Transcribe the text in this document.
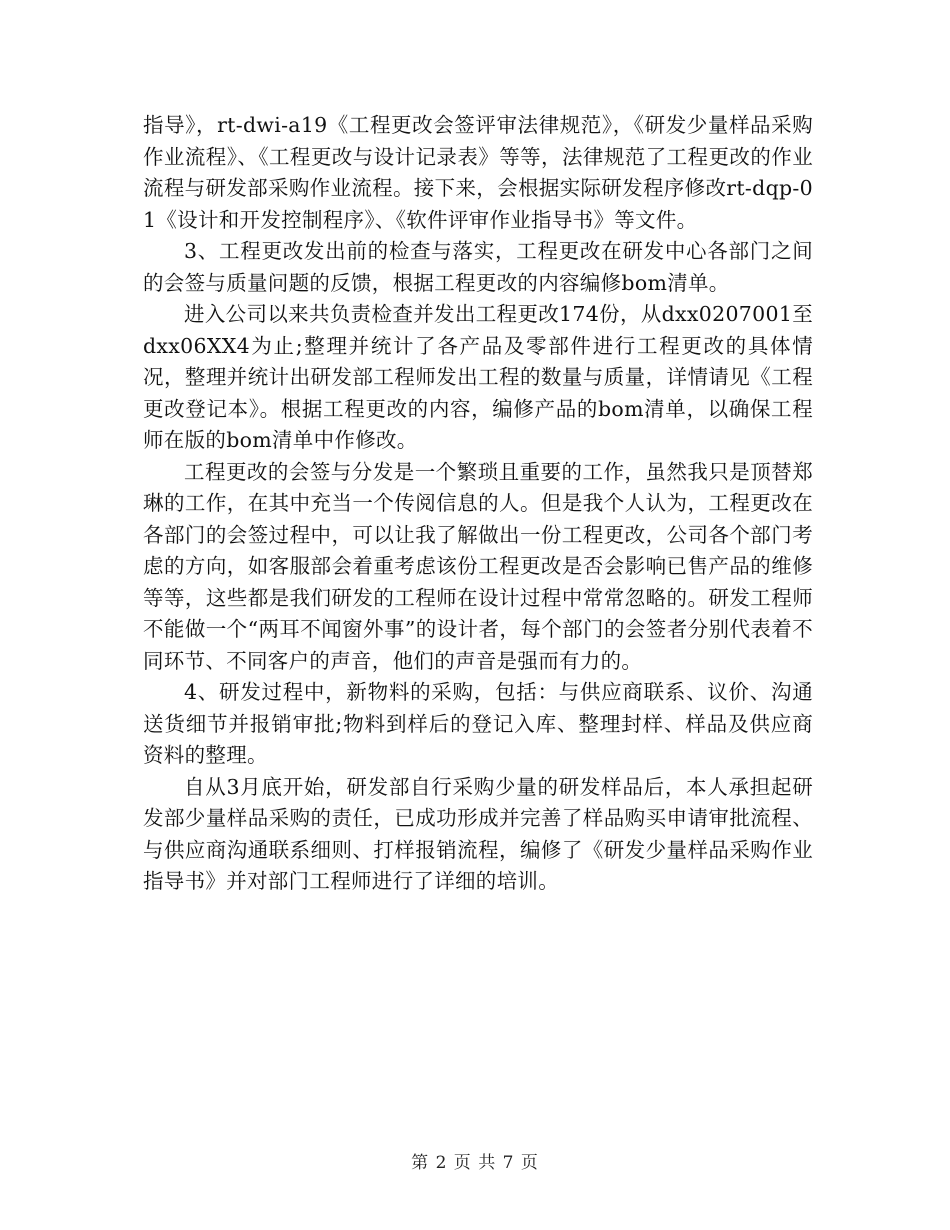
指导》，rt-dwi-a19《工程更改会签评审法律规范》，《研发少量样品采购作业流程》、《工程更改与设计记录表》等等，法律规范了工程更改的作业流程与研发部采购作业流程。接下来，会根据实际研发程序修改rt-dqp-01《设计和开发控制程序》、《软件评审作业指导书》等文件。

3、工程更改发出前的检查与落实，工程更改在研发中心各部门之间的会签与质量问题的反馈，根据工程更改的内容编修bom清单。

进入公司以来共负责检查并发出工程更改174份，从dxx0207001至dxx06XX4为止;整理并统计了各产品及零部件进行工程更改的具体情况，整理并统计出研发部工程师发出工程的数量与质量，详情请见《工程更改登记本》。根据工程更改的内容，编修产品的bom清单，以确保工程师在版的bom清单中作修改。

工程更改的会签与分发是一个繁琐且重要的工作，虽然我只是顶替郑琳的工作，在其中充当一个传阅信息的人。但是我个人认为，工程更改在各部门的会签过程中，可以让我了解做出一份工程更改，公司各个部门考虑的方向，如客服部会着重考虑该份工程更改是否会影响已售产品的维修等等，这些都是我们研发的工程师在设计过程中常常忽略的。研发工程师不能做一个“两耳不闻窗外事”的设计者，每个部门的会签者分别代表着不同环节、不同客户的声音，他们的声音是强而有力的。

4、研发过程中，新物料的采购，包括：与供应商联系、议价、沟通送货细节并报销审批;物料到样后的登记入库、整理封样、样品及供应商资料的整理。

自从3月底开始，研发部自行采购少量的研发样品后，本人承担起研发部少量样品采购的责任，已成功形成并完善了样品购买申请审批流程、与供应商沟通联系细则、打样报销流程，编修了《研发少量样品采购作业指导书》并对部门工程师进行了详细的培训。

第 2 页 共 7 页
